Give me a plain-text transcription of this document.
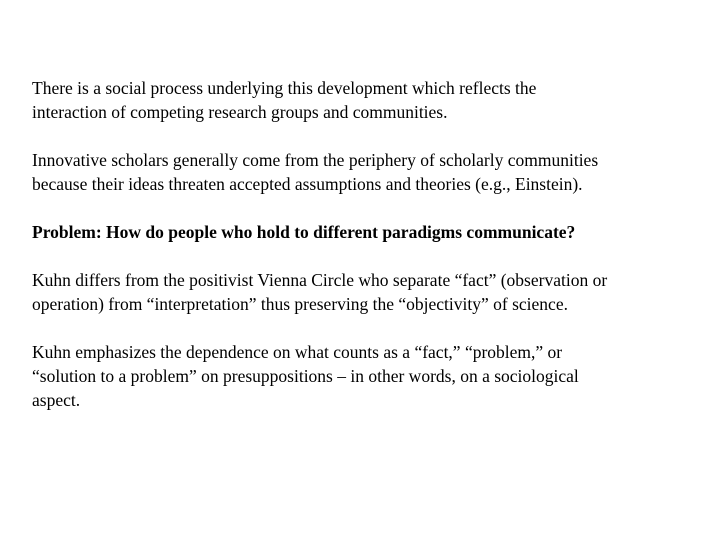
There is a social process underlying this development which reflects the
interaction of competing research groups and communities.

Innovative scholars generally come from the periphery of scholarly communities
because their ideas threaten accepted assumptions and theories (e.g., Einstein).

Problem: How do people who hold to different paradigms communicate?

Kuhn differs from the positivist Vienna Circle who separate “fact” (observation or
operation) from “interpretation” thus preserving the “objectivity” of science.

Kuhn emphasizes the dependence on what counts as a “fact,” “problem,” or
“solution to a problem” on presuppositions – in other words, on a sociological
aspect.
